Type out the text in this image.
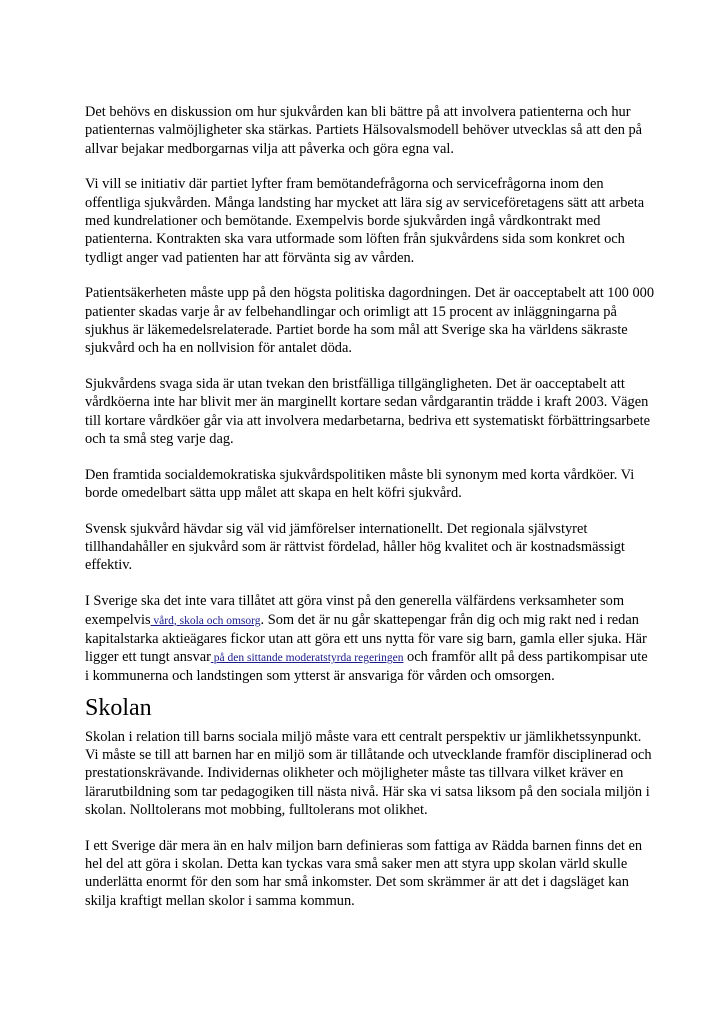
Det behövs en diskussion om hur sjukvården kan bli bättre på att involvera patienterna och hur patienternas valmöjligheter ska stärkas. Partiets Hälsovalsmodell behöver utvecklas så att den på allvar bejakar medborgarnas vilja att påverka och göra egna val.

Vi vill se initiativ där partiet lyfter fram bemötandefrågorna och servicefrågorna inom den offentliga sjukvården. Många landsting har mycket att lära sig av serviceföretagens sätt att arbeta med kundrelationer och bemötande. Exempelvis borde sjukvården ingå vårdkontrakt med patienterna. Kontrakten ska vara utformade som löften från sjukvårdens sida som konkret och tydligt anger vad patienten har att förvänta sig av vården.

Patientsäkerheten måste upp på den högsta politiska dagordningen. Det är oacceptabelt att 100 000 patienter skadas varje år av felbehandlingar och orimligt att 15 procent av inläggningarna på sjukhus är läkemedelsrelaterade. Partiet borde ha som mål att Sverige ska ha världens säkraste sjukvård och ha en nollvision för antalet döda.

Sjukvårdens svaga sida är utan tvekan den bristfälliga tillgängligheten. Det är oacceptabelt att vårdköerna inte har blivit mer än marginellt kortare sedan vårdgarantin trädde i kraft 2003. Vägen till kortare vårdköer går via att involvera medarbetarna, bedriva ett systematiskt förbättringsarbete och ta små steg varje dag.

Den framtida socialdemokratiska sjukvårdspolitiken måste bli synonym med korta vårdköer. Vi borde omedelbart sätta upp målet att skapa en helt köfri sjukvård.

Svensk sjukvård hävdar sig väl vid jämförelser internationellt. Det regionala självstyret tillhandahåller en sjukvård som är rättvist fördelad, håller hög kvalitet och är kostnadsmässigt effektiv.

I Sverige ska det inte vara tillåtet att göra vinst på den generella välfärdens verksamheter som exempelvis vård, skola och omsorg. Som det är nu går skattepengar från dig och mig rakt ned i redan kapitalstarka aktieägares fickor utan att göra ett uns nytta för vare sig barn, gamla eller sjuka. Här ligger ett tungt ansvar på den sittande moderatstyrda regeringen och framför allt på dess partikompisar ute i kommunerna och landstingen som ytterst är ansvariga för vården och omsorgen.

Skolan

Skolan i relation till barns sociala miljö måste vara ett centralt perspektiv ur jämlikhetssynpunkt. Vi måste se till att barnen har en miljö som är tillåtande och utvecklande framför disciplinerad och prestationskrävande. Individernas olikheter och möjligheter måste tas tillvara vilket kräver en lärarutbildning som tar pedagogiken till nästa nivå. Här ska vi satsa liksom på den sociala miljön i skolan. Nolltolerans mot mobbing, fulltolerans mot olikhet.

I ett Sverige där mera än en halv miljon barn definieras som fattiga av Rädda barnen finns det en hel del att göra i skolan. Detta kan tyckas vara små saker men att styra upp skolan värld skulle underlätta enormt för den som har små inkomster. Det som skrämmer är att det i dagsläget kan skilja kraftigt mellan skolor i samma kommun.
